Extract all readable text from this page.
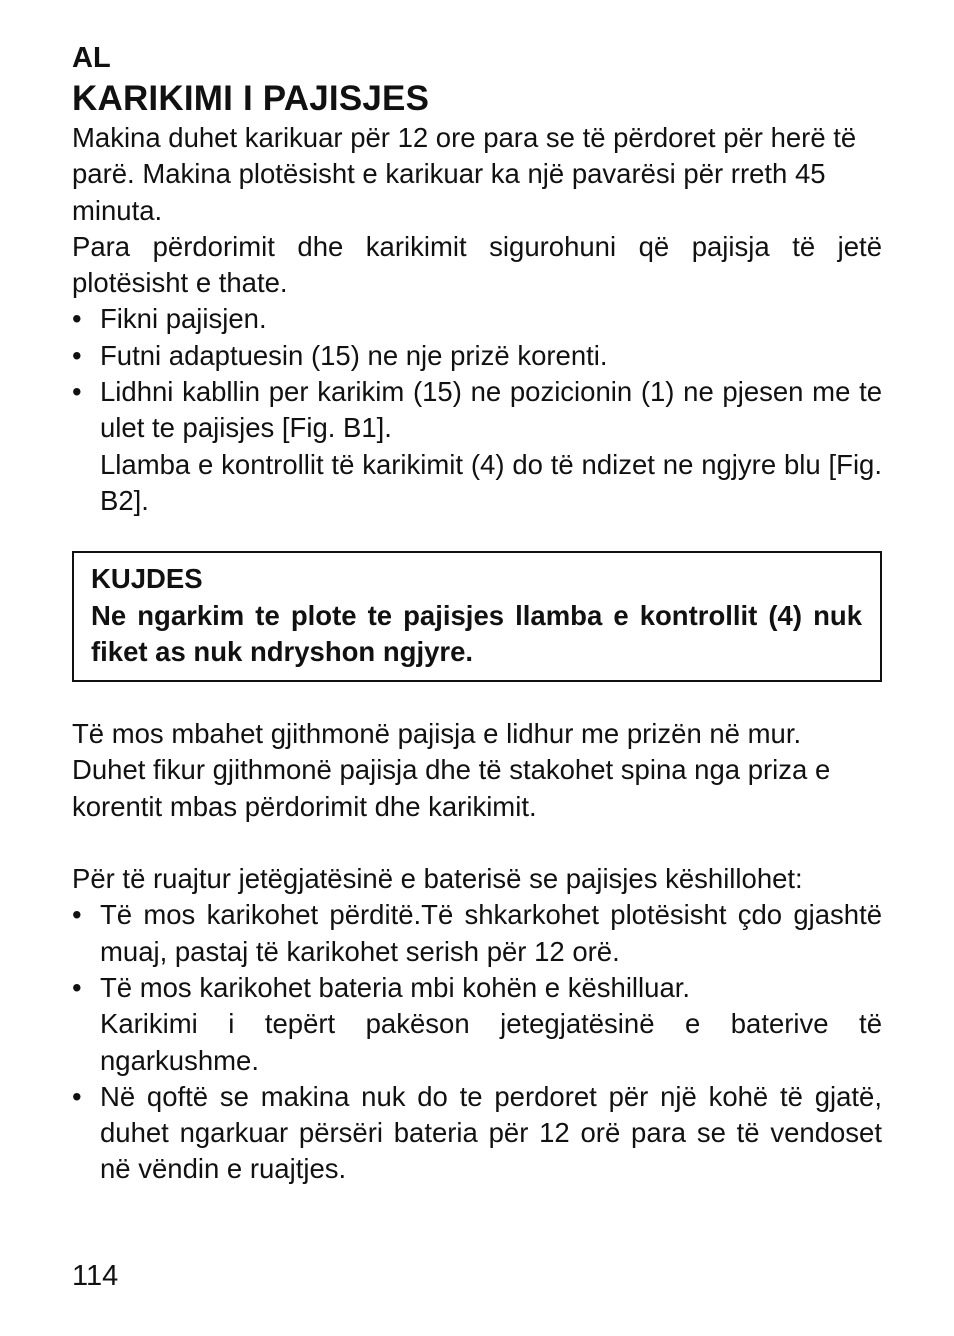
AL
KARIKIMI I PAJISJES

Makina duhet karikuar për 12 ore para se të përdoret për herë të parë. Makina plotësisht e karikuar ka një pavarësi për rreth 45 minuta.

Para përdorimit dhe karikimit sigurohuni që pajisja të jetë plotësisht e thate.

• Fikni pajisjen.
• Futni adaptuesin (15) ne nje prizë korenti.
• Lidhni kabllin per karikim (15) ne pozicionin (1) ne pjesen me te ulet te pajisjes [Fig. B1].
Llamba e kontrollit të karikimit (4) do të ndizet ne ngjyre blu [Fig. B2].

KUJDES

Ne ngarkim te plote te pajisjes llamba e kontrollit (4) nuk fiket as nuk ndryshon ngjyre.

Të mos mbahet gjithmonë pajisja e lidhur me prizën në mur. Duhet fikur gjithmonë pajisja dhe të stakohet spina nga priza e korentit mbas përdorimit dhe karikimit.

Për të ruajtur jetëgjatësinë e baterisë se pajisjes këshillohet:

• Të mos karikohet përditë.Të shkarkohet plotësisht çdo gjashtë muaj, pastaj të karikohet serish për 12 orë.
• Të mos karikohet bateria mbi kohën e këshilluar.
Karikimi i tepërt pakëson jetegjatësinë e baterive të ngarkushme.
• Në qoftë se makina nuk do te perdoret për një kohë të gjatë, duhet ngarkuar përsëri bateria për 12 orë para se të vendoset në vëndin e ruajtjes.

114
